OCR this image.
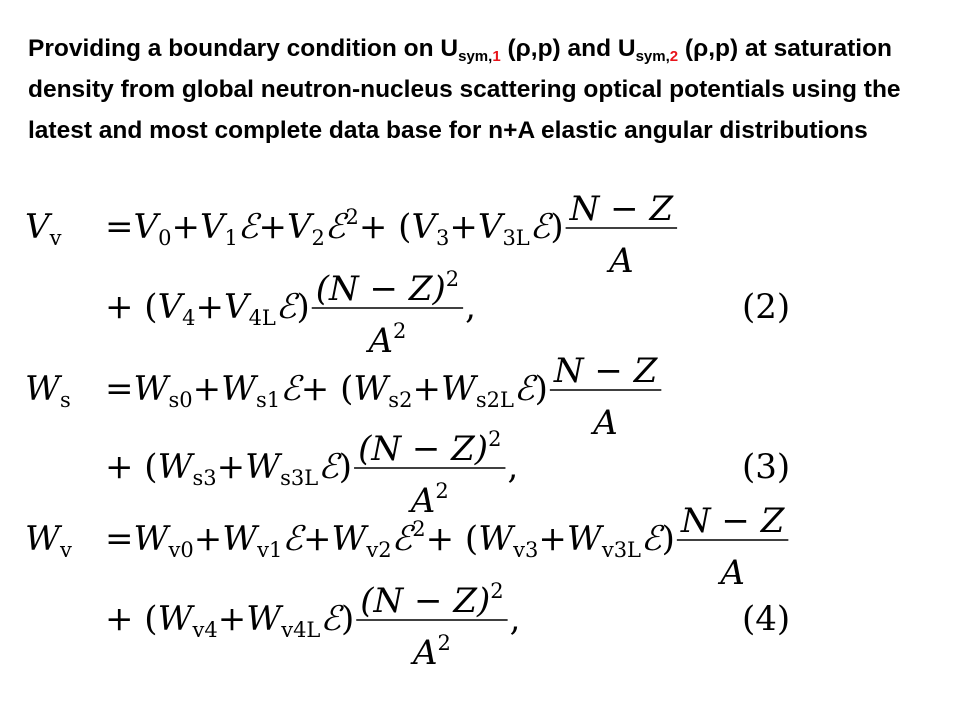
Providing a boundary condition on $U_{sym,1}$ (ρ,p) and $U_{sym,2}$ (ρ,p) at saturation density from global neutron-nucleus scattering optical potentials using the latest and most complete data base for n+A elastic angular distributions
V v = V 0 + V 1 ℰ + V 2 ℰ 2 + ( V 3 + V 3L ℰ ) N − Z
A
+ ( V 4 + V 4L ℰ ) (N − Z) 2
A 2
,	(2)
W s = W s0 + W s1 ℰ + ( W s2 + W s2L ℰ ) N − Z
A
+ ( W s3 + W s3L ℰ ) (N − Z) 2
A 2
,	(3)
W v = W v0 + W v1 ℰ + W v2 ℰ 2 + ( W v3 + W v3L ℰ ) N − Z
A
+ ( W v4 + W v4L ℰ ) (N − Z) 2
A 2
,	(4)
